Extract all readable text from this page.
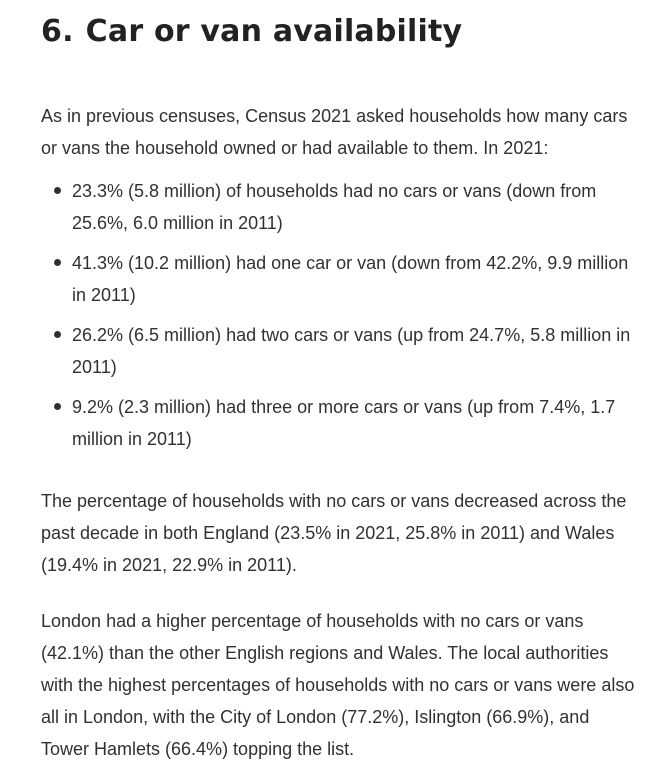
6. Car or van availability

As in previous censuses, Census 2021 asked households how many cars or vans the household owned or had available to them. In 2021:

23.3% (5.8 million) of households had no cars or vans (down from 25.6%, 6.0 million in 2011)
41.3% (10.2 million) had one car or van (down from 42.2%, 9.9 million in 2011)
26.2% (6.5 million) had two cars or vans (up from 24.7%, 5.8 million in 2011)
9.2% (2.3 million) had three or more cars or vans (up from 7.4%, 1.7 million in 2011)

The percentage of households with no cars or vans decreased across the past decade in both England (23.5% in 2021, 25.8% in 2011) and Wales (19.4% in 2021, 22.9% in 2011).

London had a higher percentage of households with no cars or vans (42.1%) than the other English regions and Wales. The local authorities with the highest percentages of households with no cars or vans were also all in London, with the City of London (77.2%), Islington (66.9%), and Tower Hamlets (66.4%) topping the list.
